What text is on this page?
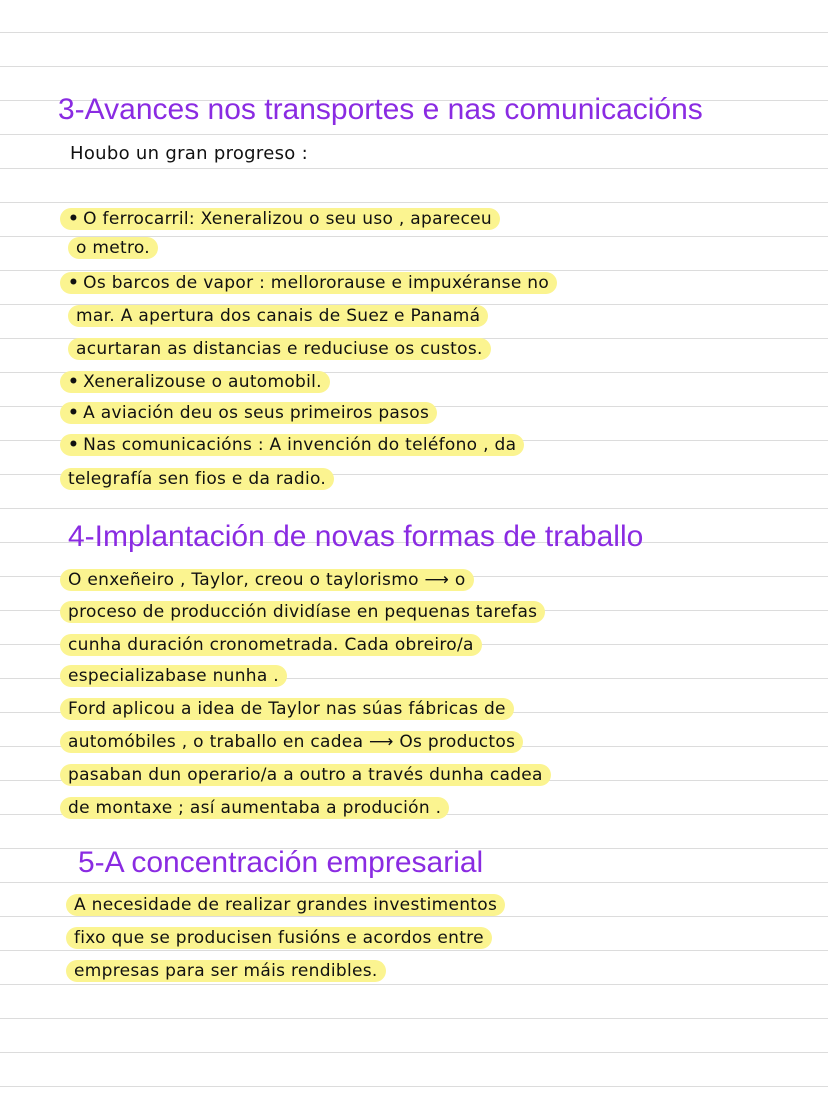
3-Avances nos transportes e nas comunicacións
Houbo un gran progreso :
• O ferrocarril: Xeneralizou o seu uso , apareceu
o metro.
• Os barcos de vapor : mellororause e impuxéranse no
mar. A apertura dos canais de Suez e Panamá
acurtaran as distancias e reduciuse os custos.
• Xeneralizouse o automobil.
• A aviación deu os seus primeiros pasos
• Nas comunicacións : A invención do teléfono , da
telegrafía sen fios e da radio.
4-Implantación de novas formas de traballo
O enxeñeiro , Taylor, creou o taylorismo ⟶ o
proceso de producción dividíase en pequenas tarefas
cunha duración cronometrada. Cada obreiro/a
especializabase nunha .
Ford aplicou a idea de Taylor nas súas fábricas de
automóbiles , o traballo en cadea ⟶ Os productos
pasaban dun operario/a a outro a través dunha cadea
de montaxe ; así aumentaba a produción .
5-A concentración empresarial
A necesidade de realizar grandes investimentos
fixo que se producisen fusións e acordos entre
empresas para ser máis rendibles.
